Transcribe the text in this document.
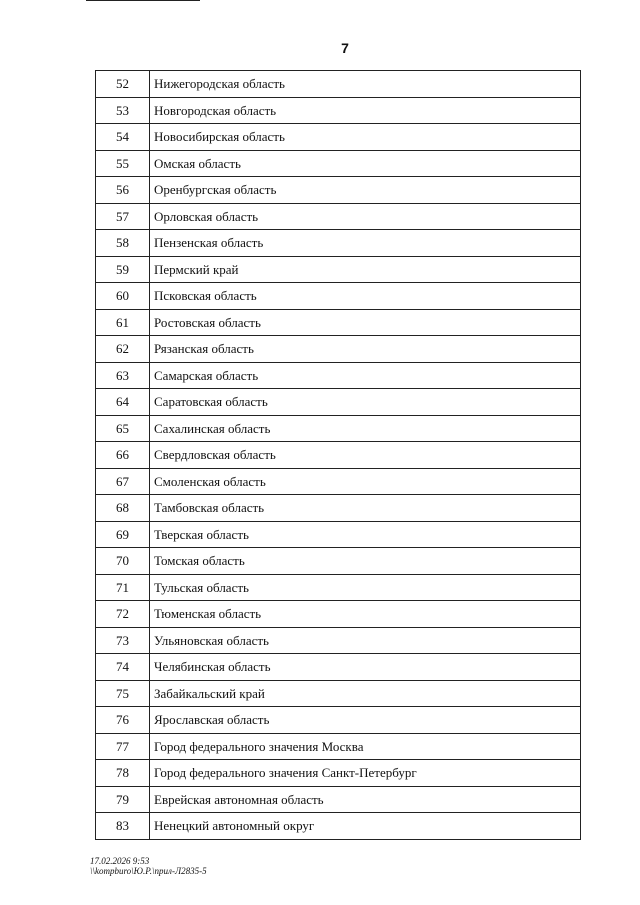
7
52	Нижегородская область
53	Новгородская область
54	Новосибирская область
55	Омская область
56	Оренбургская область
57	Орловская область
58	Пензенская область
59	Пермский край
60	Псковская область
61	Ростовская область
62	Рязанская область
63	Самарская область
64	Саратовская область
65	Сахалинская область
66	Свердловская область
67	Смоленская область
68	Тамбовская область
69	Тверская область
70	Томская область
71	Тульская область
72	Тюменская область
73	Ульяновская область
74	Челябинская область
75	Забайкальский край
76	Ярославская область
77	Город федерального значения Москва
78	Город федерального значения Санкт-Петербург
79	Еврейская автономная область
83	Ненецкий автономный округ
17.02.2026 9:53
\\kompburo\Ю.Р.\прил-Л2835-5
